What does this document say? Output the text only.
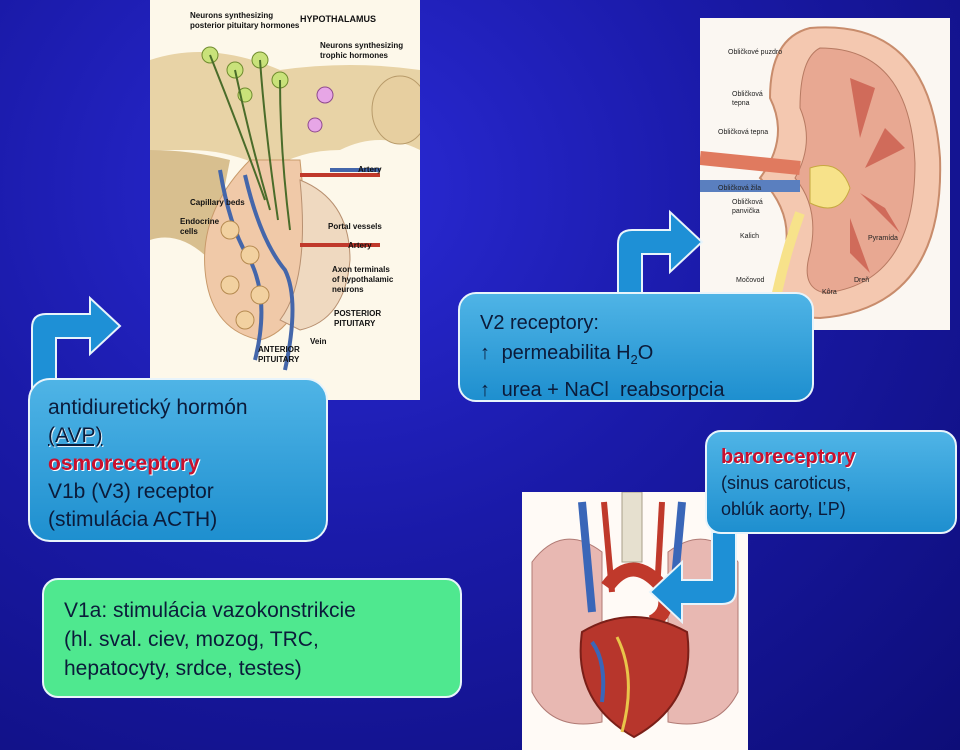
Neurons synthesizing
posterior pituitary hormones
HYPOTHALAMUS
Neurons synthesizing
trophic hormones
Artery
Capillary beds
Endocrine
cells
Portal vessels
Artery
Axon terminals
of hypothalamic
neurons
POSTERIOR
PITUITARY
ANTERIOR
PITUITARY
Vein
Obličkové puzdro
Obličková
tepna
Obličková tepna
Obličková žila
Obličková
panvička
Kalich	Pyramída
Močovod	Dreň
Kôra
antidiuretický hormón
(AVP)
osmoreceptory
V1b (V3) receptor
(stimulácia ACTH)
V2 receptory:
↑ permeabilita $H_2O$
↑ urea + NaCl  reabsorpcia
baroreceptory
(sinus caroticus,
oblúk aorty, ĽP)
V1a: stimulácia vazokonstrikcie
(hl. sval. ciev, mozog, TRC,
hepatocyty, srdce, testes)
